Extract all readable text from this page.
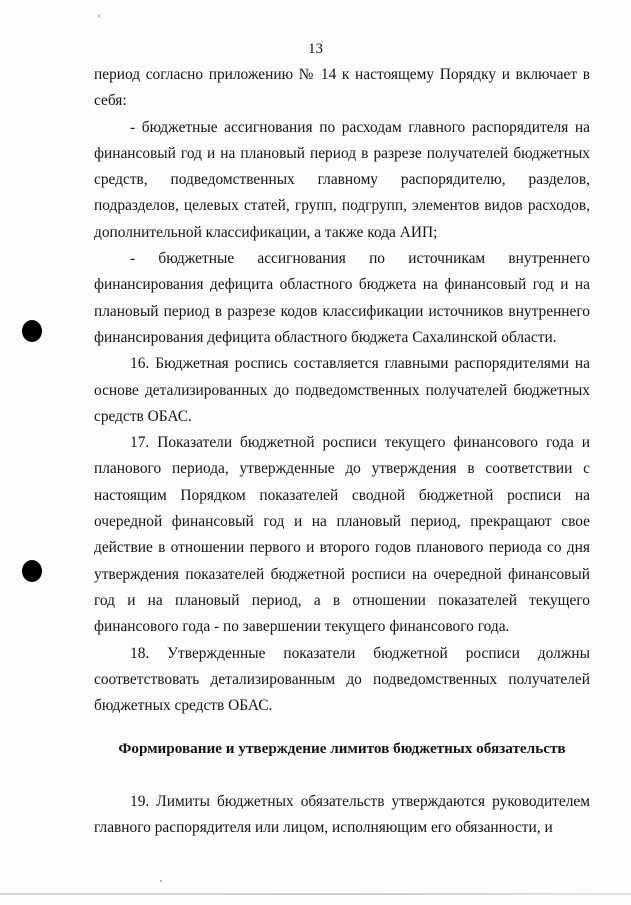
13

период согласно приложению № 14 к настоящему Порядку и включает в себя:

- бюджетные ассигнования по расходам главного распорядителя на финансовый год и на плановый период в разрезе получателей бюджетных средств, подведомственных главному распорядителю, разделов, подразделов, целевых статей, групп, подгрупп, элементов видов расходов, дополнительной классификации, а также кода АИП;

- бюджетные ассигнования по источникам внутреннего финансирования дефицита областного бюджета на финансовый год и на плановый период в разрезе кодов классификации источников внутреннего финансирования дефицита областного бюджета Сахалинской области.

16. Бюджетная роспись составляется главными распорядителями на основе детализированных до подведомственных получателей бюджетных средств ОБАС.

17. Показатели бюджетной росписи текущего финансового года и планового периода, утвержденные до утверждения в соответствии с настоящим Порядком показателей сводной бюджетной росписи на очередной финансовый год и на плановый период, прекращают свое действие в отношении первого и второго годов планового периода со дня утверждения показателей бюджетной росписи на очередной финансовый год и на плановый период, а в отношении показателей текущего финансового года - по завершении текущего финансового года.

18. Утвержденные показатели бюджетной росписи должны соответствовать детализированным до подведомственных получателей бюджетных средств ОБАС.

Формирование и утверждение лимитов бюджетных обязательств

19. Лимиты бюджетных обязательств утверждаются руководителем главного распорядителя или лицом, исполняющим его обязанности, и
